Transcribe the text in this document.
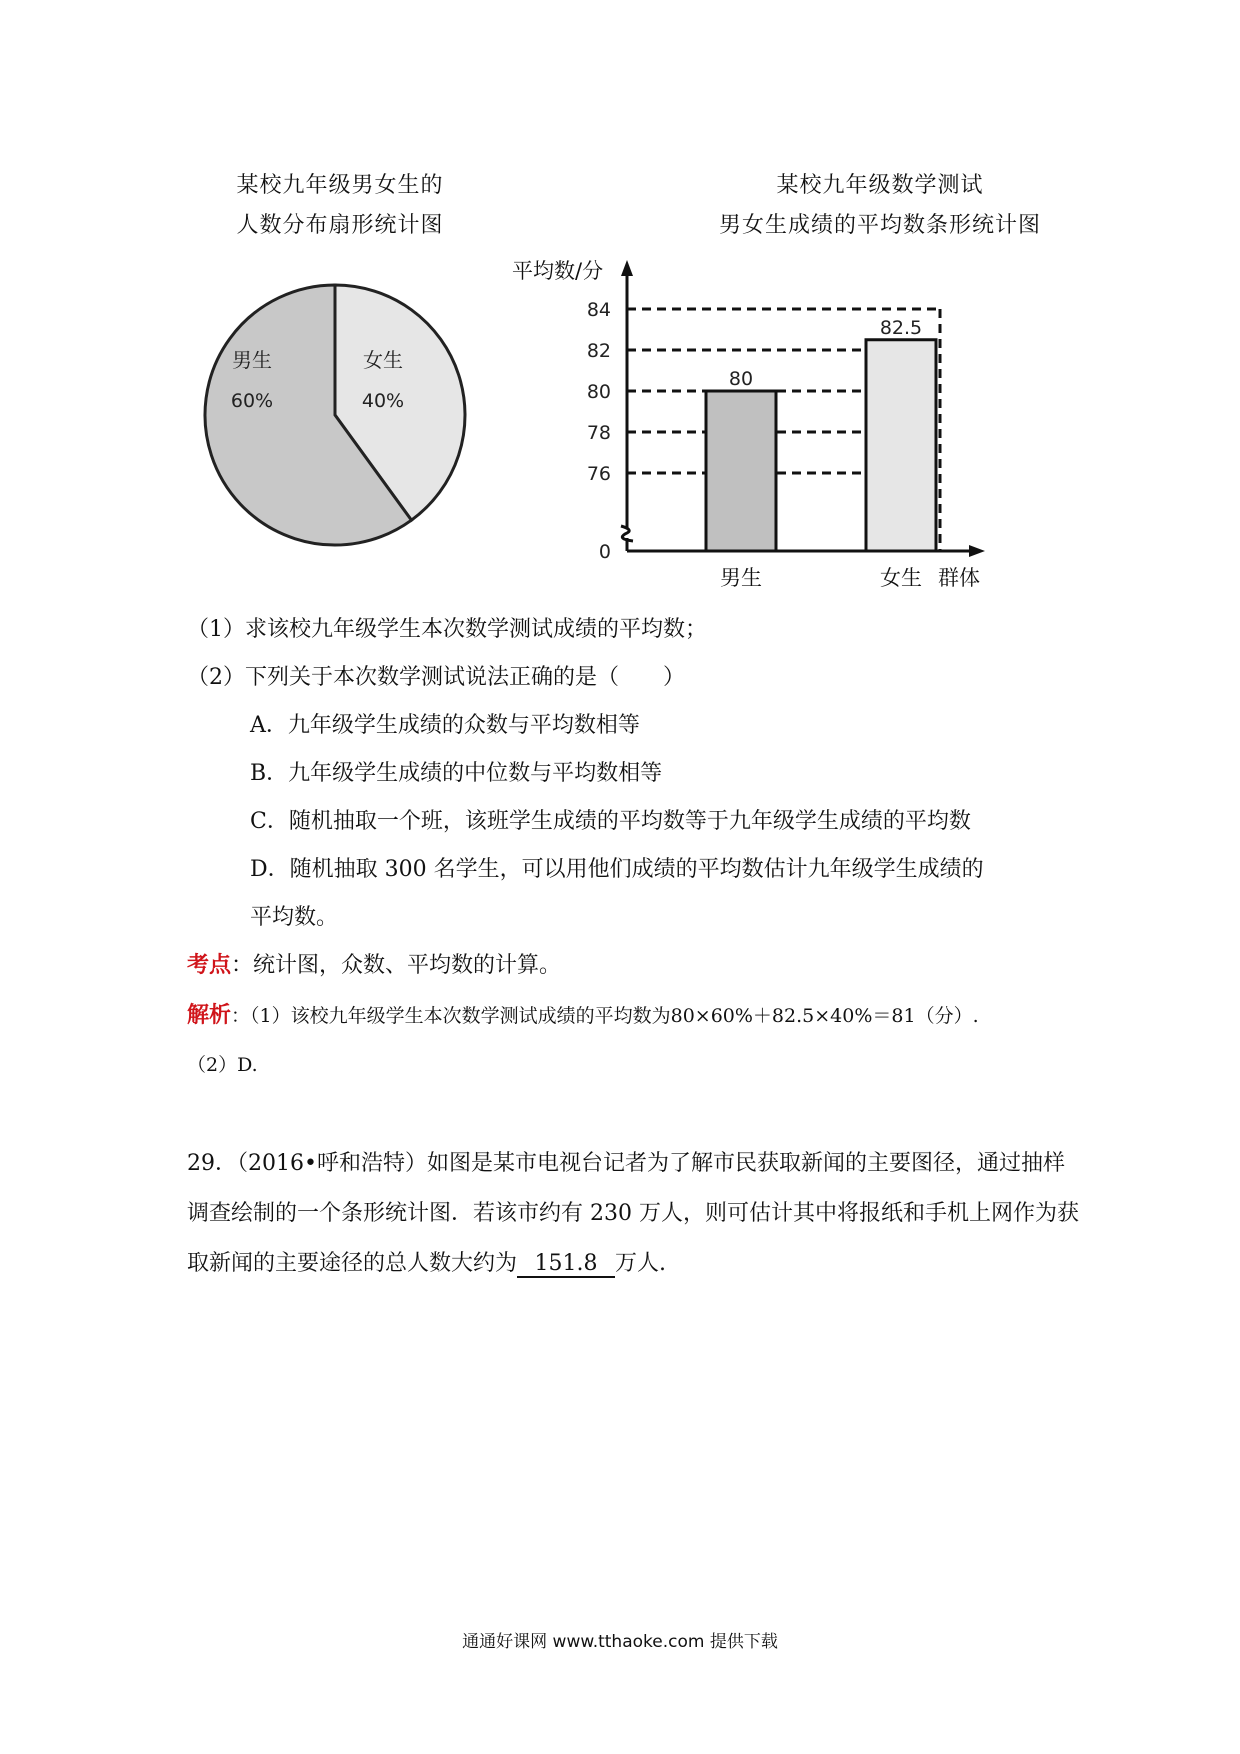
某校九年级男女生的
人数分布扇形统计图
男生
60%
女生
40%
某校九年级数学测试
男女生成绩的平均数条形统计图
80
男生
82.5
女生
76
78
80
82
84
0
平均数/分
群体
（1）求该校九年级学生本次数学测试成绩的平均数；
（2）下列关于本次数学测试说法正确的是（　　）
A．九年级学生成绩的众数与平均数相等
B．九年级学生成绩的中位数与平均数相等
C．随机抽取一个班，该班学生成绩的平均数等于九年级学生成绩的平均数
D．随机抽取 300 名学生，可以用他们成绩的平均数估计九年级学生成绩的
平均数。
考点：统计图，众数、平均数的计算。
解析：（1）该校九年级学生本次数学测试成绩的平均数为80×60%＋82.5×40%＝81（分）.
（2）D.
29．（2016•呼和浩特）如图是某市电视台记者为了解市民获取新闻的主要图径，通过抽样
调查绘制的一个条形统计图．若该市约有 230 万人，则可估计其中将报纸和手机上网作为获
取新闻的主要途径的总人数大约为 151.8 万人.
通通好课网 www.tthaoke.com 提供下载
